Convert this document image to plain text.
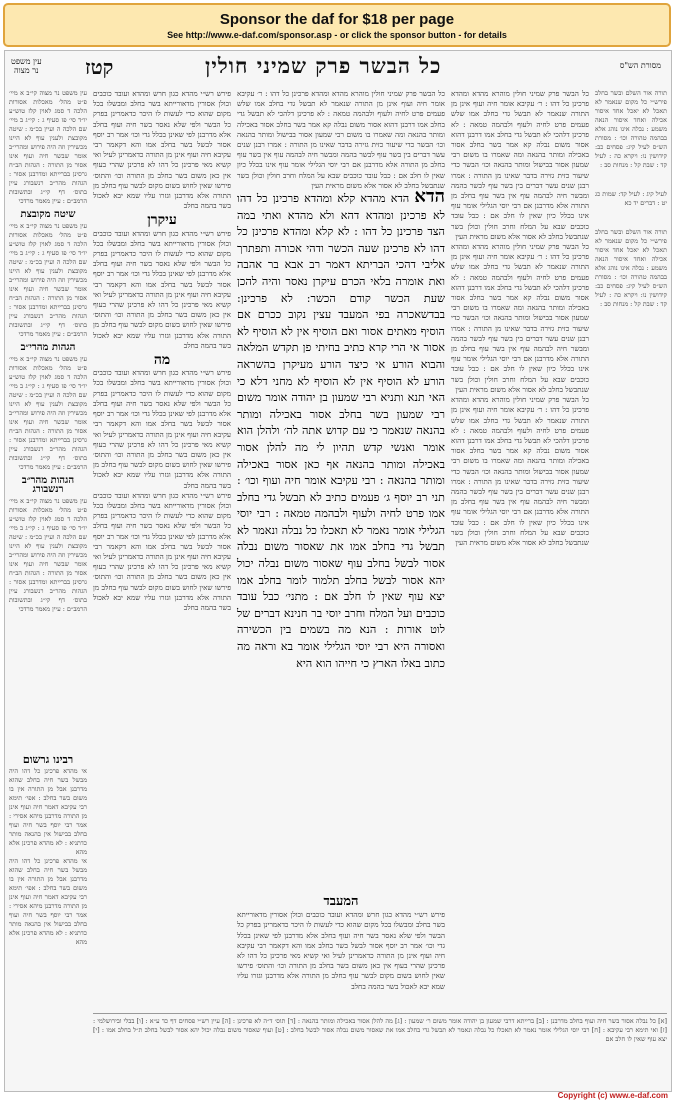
Sponsor the daf for $18 per page
See http://www.e-daf.com/sponsor.asp - or click the sponsor button - for details
עין משפט
נר מצוה	קטז	כל הבשר פרק שמיני חולין	מסורת הש"ס
עין משפט נר מצוה קי״ב א מיי׳ פ״ט מהל׳ מאכלות אסורות הלכה ד סמג לאוין קלז טוש״ע יו״ד סי׳ פז סעיף ג : קי״ג ב מיי׳ שם הלכה ה ועיין בכ״מ : שיטה מקובצת ולענין עוף לא היינו מכשירין וזה היה פירוש ומהרי״ב אומר שבשר חיה ועוף אינו אסור מן התורה : הגהות הב״ח גרסינן בברייתא ומדרבנן אסור : הגהות מהר״ב רנשבורג עיין בתוס׳ דף קי״ג ובתשובות הרמב״ם : עיין מאמר מרדכי
שיטה מקובצת
עין משפט נר מצוה קי״ב א מיי׳ פ״ט מהל׳ מאכלות אסורות הלכה ד סמג לאוין קלז טוש״ע יו״ד סי׳ פז סעיף ג : קי״ג ב מיי׳ שם הלכה ה ועיין בכ״מ : שיטה מקובצת ולענין עוף לא היינו מכשירין וזה היה פירוש ומהרי״ב אומר שבשר חיה ועוף אינו אסור מן התורה : הגהות הב״ח גרסינן בברייתא ומדרבנן אסור : הגהות מהר״ב רנשבורג עיין בתוס׳ דף קי״ג ובתשובות הרמב״ם : עיין מאמר מרדכי
הגהות מהרי״ב
עין משפט נר מצוה קי״ב א מיי׳ פ״ט מהל׳ מאכלות אסורות הלכה ד סמג לאוין קלז טוש״ע יו״ד סי׳ פז סעיף ג : קי״ג ב מיי׳ שם הלכה ה ועיין בכ״מ : שיטה מקובצת ולענין עוף לא היינו מכשירין וזה היה פירוש ומהרי״ב אומר שבשר חיה ועוף אינו אסור מן התורה : הגהות הב״ח גרסינן בברייתא ומדרבנן אסור : הגהות מהר״ב רנשבורג עיין בתוס׳ דף קי״ג ובתשובות הרמב״ם : עיין מאמר מרדכי
הגהות מהר״ב רנשבורג
עין משפט נר מצוה קי״ב א מיי׳ פ״ט מהל׳ מאכלות אסורות הלכה ד סמג לאוין קלז טוש״ע יו״ד סי׳ פז סעיף ג : קי״ג ב מיי׳ שם הלכה ה ועיין בכ״מ : שיטה מקובצת ולענין עוף לא היינו מכשירין וזה היה פירוש ומהרי״ב אומר שבשר חיה ועוף אינו אסור מן התורה : הגהות הב״ח גרסינן בברייתא ומדרבנן אסור : הגהות מהר״ב רנשבורג עיין בתוס׳ דף קי״ג ובתשובות הרמב״ם : עיין מאמר מרדכי
רבינו גרשום
אי מהדא פרכינן כל דהו היה מבשל בשר חיה בחלב שהוא מדרבנן אבל מן התורה אין בו משום בשר בחלב : אפי׳ תימא רבי עקיבא דאמר חיה ועוף אינן מן התורה מדרבנן מיהא אסירי : אמר רבי יוסף בשר חיה ועוף בחלב בבישול אין בהנאה מותר כדתניא : לא מהדא פרכינן אלא מהא
אי מהדא פרכינן כל דהו היה מבשל בשר חיה בחלב שהוא מדרבנן אבל מן התורה אין בו משום בשר בחלב : אפי׳ תימא רבי עקיבא דאמר חיה ועוף אינן מן התורה מדרבנן מיהא אסירי : אמר רבי יוסף בשר חיה ועוף בחלב בבישול אין בהנאה מותר כדתניא : לא מהדא פרכינן אלא מהא
פירש רש״י מהדא כגון חרש ומהדא ועובד כוכבים וכולן אסורין מדאורייתא בשר בחלב ומבשלו בכל מקום שהוא כדי לעשות לו היכר כדאמרינן בפרק כל הבשר ולפי שלא נאסר בשר חיה ועוף בחלב אלא מדרבנן לפי שאינן בכלל גדי וכו׳ אמר רב יוסף אסור לבשל בשר בחלב אמו והא דקאמר רבי עקיבא חיה ועוף אינן מן התורה כדאמרינן לעיל ואי קשיא מאי פרכינן כל דהו לא פרכינן שהרי בעוף אין כאן משום בשר בחלב מן התורה וכו׳ והתוס׳ פירשו שאין לחוש בשום מקום לבשר עוף בחלב מן התורה אלא מדרבנן וגזרו עליו שמא יבא לאכול בשר בהמה בחלב
עיקרן
פירש רש״י מהדא כגון חרש ומהדא ועובד כוכבים וכולן אסורין מדאורייתא בשר בחלב ומבשלו בכל מקום שהוא כדי לעשות לו היכר כדאמרינן בפרק כל הבשר ולפי שלא נאסר בשר חיה ועוף בחלב אלא מדרבנן לפי שאינן בכלל גדי וכו׳ אמר רב יוסף אסור לבשל בשר בחלב אמו והא דקאמר רבי עקיבא חיה ועוף אינן מן התורה כדאמרינן לעיל ואי קשיא מאי פרכינן כל דהו לא פרכינן שהרי בעוף אין כאן משום בשר בחלב מן התורה וכו׳ והתוס׳ פירשו שאין לחוש בשום מקום לבשר עוף בחלב מן התורה אלא מדרבנן וגזרו עליו שמא יבא לאכול בשר בהמה בחלב
מה
פירש רש״י מהדא כגון חרש ומהדא ועובד כוכבים וכולן אסורין מדאורייתא בשר בחלב ומבשלו בכל מקום שהוא כדי לעשות לו היכר כדאמרינן בפרק כל הבשר ולפי שלא נאסר בשר חיה ועוף בחלב אלא מדרבנן לפי שאינן בכלל גדי וכו׳ אמר רב יוסף אסור לבשל בשר בחלב אמו והא דקאמר רבי עקיבא חיה ועוף אינן מן התורה כדאמרינן לעיל ואי קשיא מאי פרכינן כל דהו לא פרכינן שהרי בעוף אין כאן משום בשר בחלב מן התורה וכו׳ והתוס׳ פירשו שאין לחוש בשום מקום לבשר עוף בחלב מן התורה אלא מדרבנן וגזרו עליו שמא יבא לאכול בשר בהמה בחלב
פירש רש״י מהדא כגון חרש ומהדא ועובד כוכבים וכולן אסורין מדאורייתא בשר בחלב ומבשלו בכל מקום שהוא כדי לעשות לו היכר כדאמרינן בפרק כל הבשר ולפי שלא נאסר בשר חיה ועוף בחלב אלא מדרבנן לפי שאינן בכלל גדי וכו׳ אמר רב יוסף אסור לבשל בשר בחלב אמו והא דקאמר רבי עקיבא חיה ועוף אינן מן התורה כדאמרינן לעיל ואי קשיא מאי פרכינן כל דהו לא פרכינן שהרי בעוף אין כאן משום בשר בחלב מן התורה וכו׳ והתוס׳ פירשו שאין לחוש בשום מקום לבשר עוף בחלב מן התורה אלא מדרבנן וגזרו עליו שמא יבא לאכול בשר בהמה בחלב
הדא הדא מהדא קלא ומהדא פרכינן כל דהו לא פרכינן ומהדא דהא ולא מהדא ואתי במה הצד פרכינן כל דהו : לא קלא ומהדא פרכינן כל דהו לא פרכינן שעה הכשר ודהי אכורה ותפתרך אליבי דהכי הבריתא דאמר רב אבא בר אהבה ואת אומרה בלאי הכרם עיקרן נאסר והיה להכן שעת הכשר קודם הכשר: לא פרכינן: בבדשאכרה בפי המעבד עצין נקוב ככרם אם הוסיף מאתים אסור ואם הוסיף אין לא הוסיף לא אסור אי הרי קרא כתיב בחיתי פן תקדש המלאה והבוא הורע אי כיצד הורע מעיקרן בהשראה הורע לא הוסיף אין לא הוסיף לא מחני דלא כי האי תנא ותניא רבי שמעון בן יהודה אומר משום רבי שמעון בשר בחלב אסור באכילה ומותר בהנאה שנאמר כי עם קדוש אתה לה׳ ולהלן הוא אומר ואנשי קדש תהיון לי מה להלן אסור באכילה ומותר בהנאה אף כאן אסור באכילה ומותר בהנאה : רבי עקיבא אומר חיה ועוף וכו׳ : תני רב יוסף ג׳ פעמים כתיב לא תבשל גדי בחלב אמו פרט לחיה ולעוף ולבהמה טמאה : רבי יוסי הגלילי אומר נאמר לא תאכלו כל נבלה ונאמר לא תבשל גדי בחלב אמו את שאסור משום נבלה אסור לבשל בחלב עוף שאסור משום נבלה יכול יהא אסור לבשל בחלב תלמוד לומר בחלב אמו יצא עוף שאין לו חלב אם : מתני׳ כבל עובד כוכבים ועל המלח וחרב יוסי בר חנינא דברים של לוט אורות : הנא מה בשמים בין הכשירה ואסורה היא רבי יוסי הגלילי אומר בא וראה מה כתוב באלו הארץ כי חייהו הוא היא
כל הבשר פרק שמיני חולין מוהרא מהדא ומהדא פרכינן כל דהו : ר׳ עקיבא אומר חיה ועוף אינן מן התורה שנאמר לא תבשל גדי בחלב אמו שלש פעמים פרט לחיה ולעוף ולבהמה טמאה : לא פרכינן דלהכי לא תבשל גדי בחלב אמו דרבנן דהוא אסור משום נבלה קא אמר בשר בחלב אסור באכילה ומותר בהנאה ומה שאמרו בו משום רבי שמעון אסור בבישול ומותר בהנאה וכו׳ הבשר כדי שיעור כזית גזירה בדבר שאינו מן התורה : אמרו רבנן שנים עשר דברים בין בשר עוף לבשר בהמה ומבשר חיה לבהמה עוף אין בשר עוף בחלב מן התורה אלא מדרבנן אם רבי יוסי הגלילי אומר עוף אינו בכלל כיון שאין לו חלב אם : כבל עובד כוכבים שבא על המלח וחרב חולין וכולן בשר שנתבשל בחלב לא אסור אלא משום מראית העין
כל הבשר פרק שמיני חולין מוהרא מהדא ומהדא פרכינן כל דהו : ר׳ עקיבא אומר חיה ועוף אינן מן התורה שנאמר לא תבשל גדי בחלב אמו שלש פעמים פרט לחיה ולעוף ולבהמה טמאה : לא פרכינן דלהכי לא תבשל גדי בחלב אמו דרבנן דהוא אסור משום נבלה קא אמר בשר בחלב אסור באכילה ומותר בהנאה ומה שאמרו בו משום רבי שמעון אסור בבישול ומותר בהנאה וכו׳ הבשר כדי שיעור כזית גזירה בדבר שאינו מן התורה : אמרו רבנן שנים עשר דברים בין בשר עוף לבשר בהמה ומבשר חיה לבהמה עוף אין בשר עוף בחלב מן התורה אלא מדרבנן אם רבי יוסי הגלילי אומר עוף אינו בכלל כיון שאין לו חלב אם : כבל עובד כוכבים שבא על המלח וחרב חולין וכולן בשר שנתבשל בחלב לא אסור אלא משום מראית העין
כל הבשר פרק שמיני חולין מוהרא מהדא ומהדא פרכינן כל דהו : ר׳ עקיבא אומר חיה ועוף אינן מן התורה שנאמר לא תבשל גדי בחלב אמו שלש פעמים פרט לחיה ולעוף ולבהמה טמאה : לא פרכינן דלהכי לא תבשל גדי בחלב אמו דרבנן דהוא אסור משום נבלה קא אמר בשר בחלב אסור באכילה ומותר בהנאה ומה שאמרו בו משום רבי שמעון אסור בבישול ומותר בהנאה וכו׳ הבשר כדי שיעור כזית גזירה בדבר שאינו מן התורה : אמרו רבנן שנים עשר דברים בין בשר עוף לבשר בהמה ומבשר חיה לבהמה עוף אין בשר עוף בחלב מן התורה אלא מדרבנן אם רבי יוסי הגלילי אומר עוף אינו בכלל כיון שאין לו חלב אם : כבל עובד כוכבים שבא על המלח וחרב חולין וכולן בשר שנתבשל בחלב לא אסור אלא משום מראית העין
כל הבשר פרק שמיני חולין מוהרא מהדא ומהדא פרכינן כל דהו : ר׳ עקיבא אומר חיה ועוף אינן מן התורה שנאמר לא תבשל גדי בחלב אמו שלש פעמים פרט לחיה ולעוף ולבהמה טמאה : לא פרכינן דלהכי לא תבשל גדי בחלב אמו דרבנן דהוא אסור משום נבלה קא אמר בשר בחלב אסור באכילה ומותר בהנאה ומה שאמרו בו משום רבי שמעון אסור בבישול ומותר בהנאה וכו׳ הבשר כדי שיעור כזית גזירה בדבר שאינו מן התורה : אמרו רבנן שנים עשר דברים בין בשר עוף לבשר בהמה ומבשר חיה לבהמה עוף אין בשר עוף בחלב מן התורה אלא מדרבנן אם רבי יוסי הגלילי אומר עוף אינו בכלל כיון שאין לו חלב אם : כבל עובד כוכבים שבא על המלח וחרב חולין וכולן בשר שנתבשל בחלב לא אסור אלא משום מראית העין
המעבד
פירש רש״י מהדא כגון חרש ומהדא ועובד כוכבים וכולן אסורין מדאורייתא בשר בחלב ומבשלו בכל מקום שהוא כדי לעשות לו היכר כדאמרינן בפרק כל הבשר ולפי שלא נאסר בשר חיה ועוף בחלב אלא מדרבנן לפי שאינן בכלל גדי וכו׳ אמר רב יוסף אסור לבשל בשר בחלב אמו והא דקאמר רבי עקיבא חיה ועוף אינן מן התורה כדאמרינן לעיל ואי קשיא מאי פרכינן כל דהו לא פרכינן שהרי בעוף אין כאן משום בשר בחלב מן התורה וכו׳ והתוס׳ פירשו שאין לחוש בשום מקום לבשר עוף בחלב מן התורה אלא מדרבנן וגזרו עליו שמא יבא לאכול בשר בהמה בחלב
תורה אור השלם ובשר בחלב פירש״י כל מקום שנאמר לא תאכל לא יאכל אחד איסור אכילה ואחד איסור הנאה משמע : נבלה אינו נוהג אלא בבהמה טהורה וכו׳ : מסורת הש״ס לעיל קיג: פסחים כב: קידושין נו: ויקרא כה : לעיל קד : שבת קל : מנחות סב :
לעיל קיג : לעיל קד: שמות כג יט : דברים יד כא
תורה אור השלם ובשר בחלב פירש״י כל מקום שנאמר לא תאכל לא יאכל אחד איסור אכילה ואחד איסור הנאה משמע : נבלה אינו נוהג אלא בבהמה טהורה וכו׳ : מסורת הש״ס לעיל קיג: פסחים כב: קידושין נו: ויקרא כה : לעיל קד : שבת קל : מנחות סב :
[א] כל נבלה אסור בשר חיה ועוף בחלב מדרבנן : [ב] ברייתא דרבי שמעון בן יהודה אומר משום ר׳ שמעון : [ג] מה להלן אסור באכילה ומותר בהנאה : [ד] תוס׳ ד״ה לא פרכינן : [ה] עיין רש״י פסחים דף כד ע״א : [ו] בבלי ובירושלמי : [ז] ואי תימא רבי עקיבא : [ח] רבי יוסי הגלילי אומר נאמר לא תאכלו כל נבלה ונאמר לא תבשל גדי בחלב אמו את שאסור משום נבלה אסור לבשל בחלב : [ט] ועוף שאסור משום נבלה יכול יהא אסור לבשל בחלב ת״ל בחלב אמו : [י] יצא עוף שאין לו חלב אם
Copyright (c) www.e-daf.com
